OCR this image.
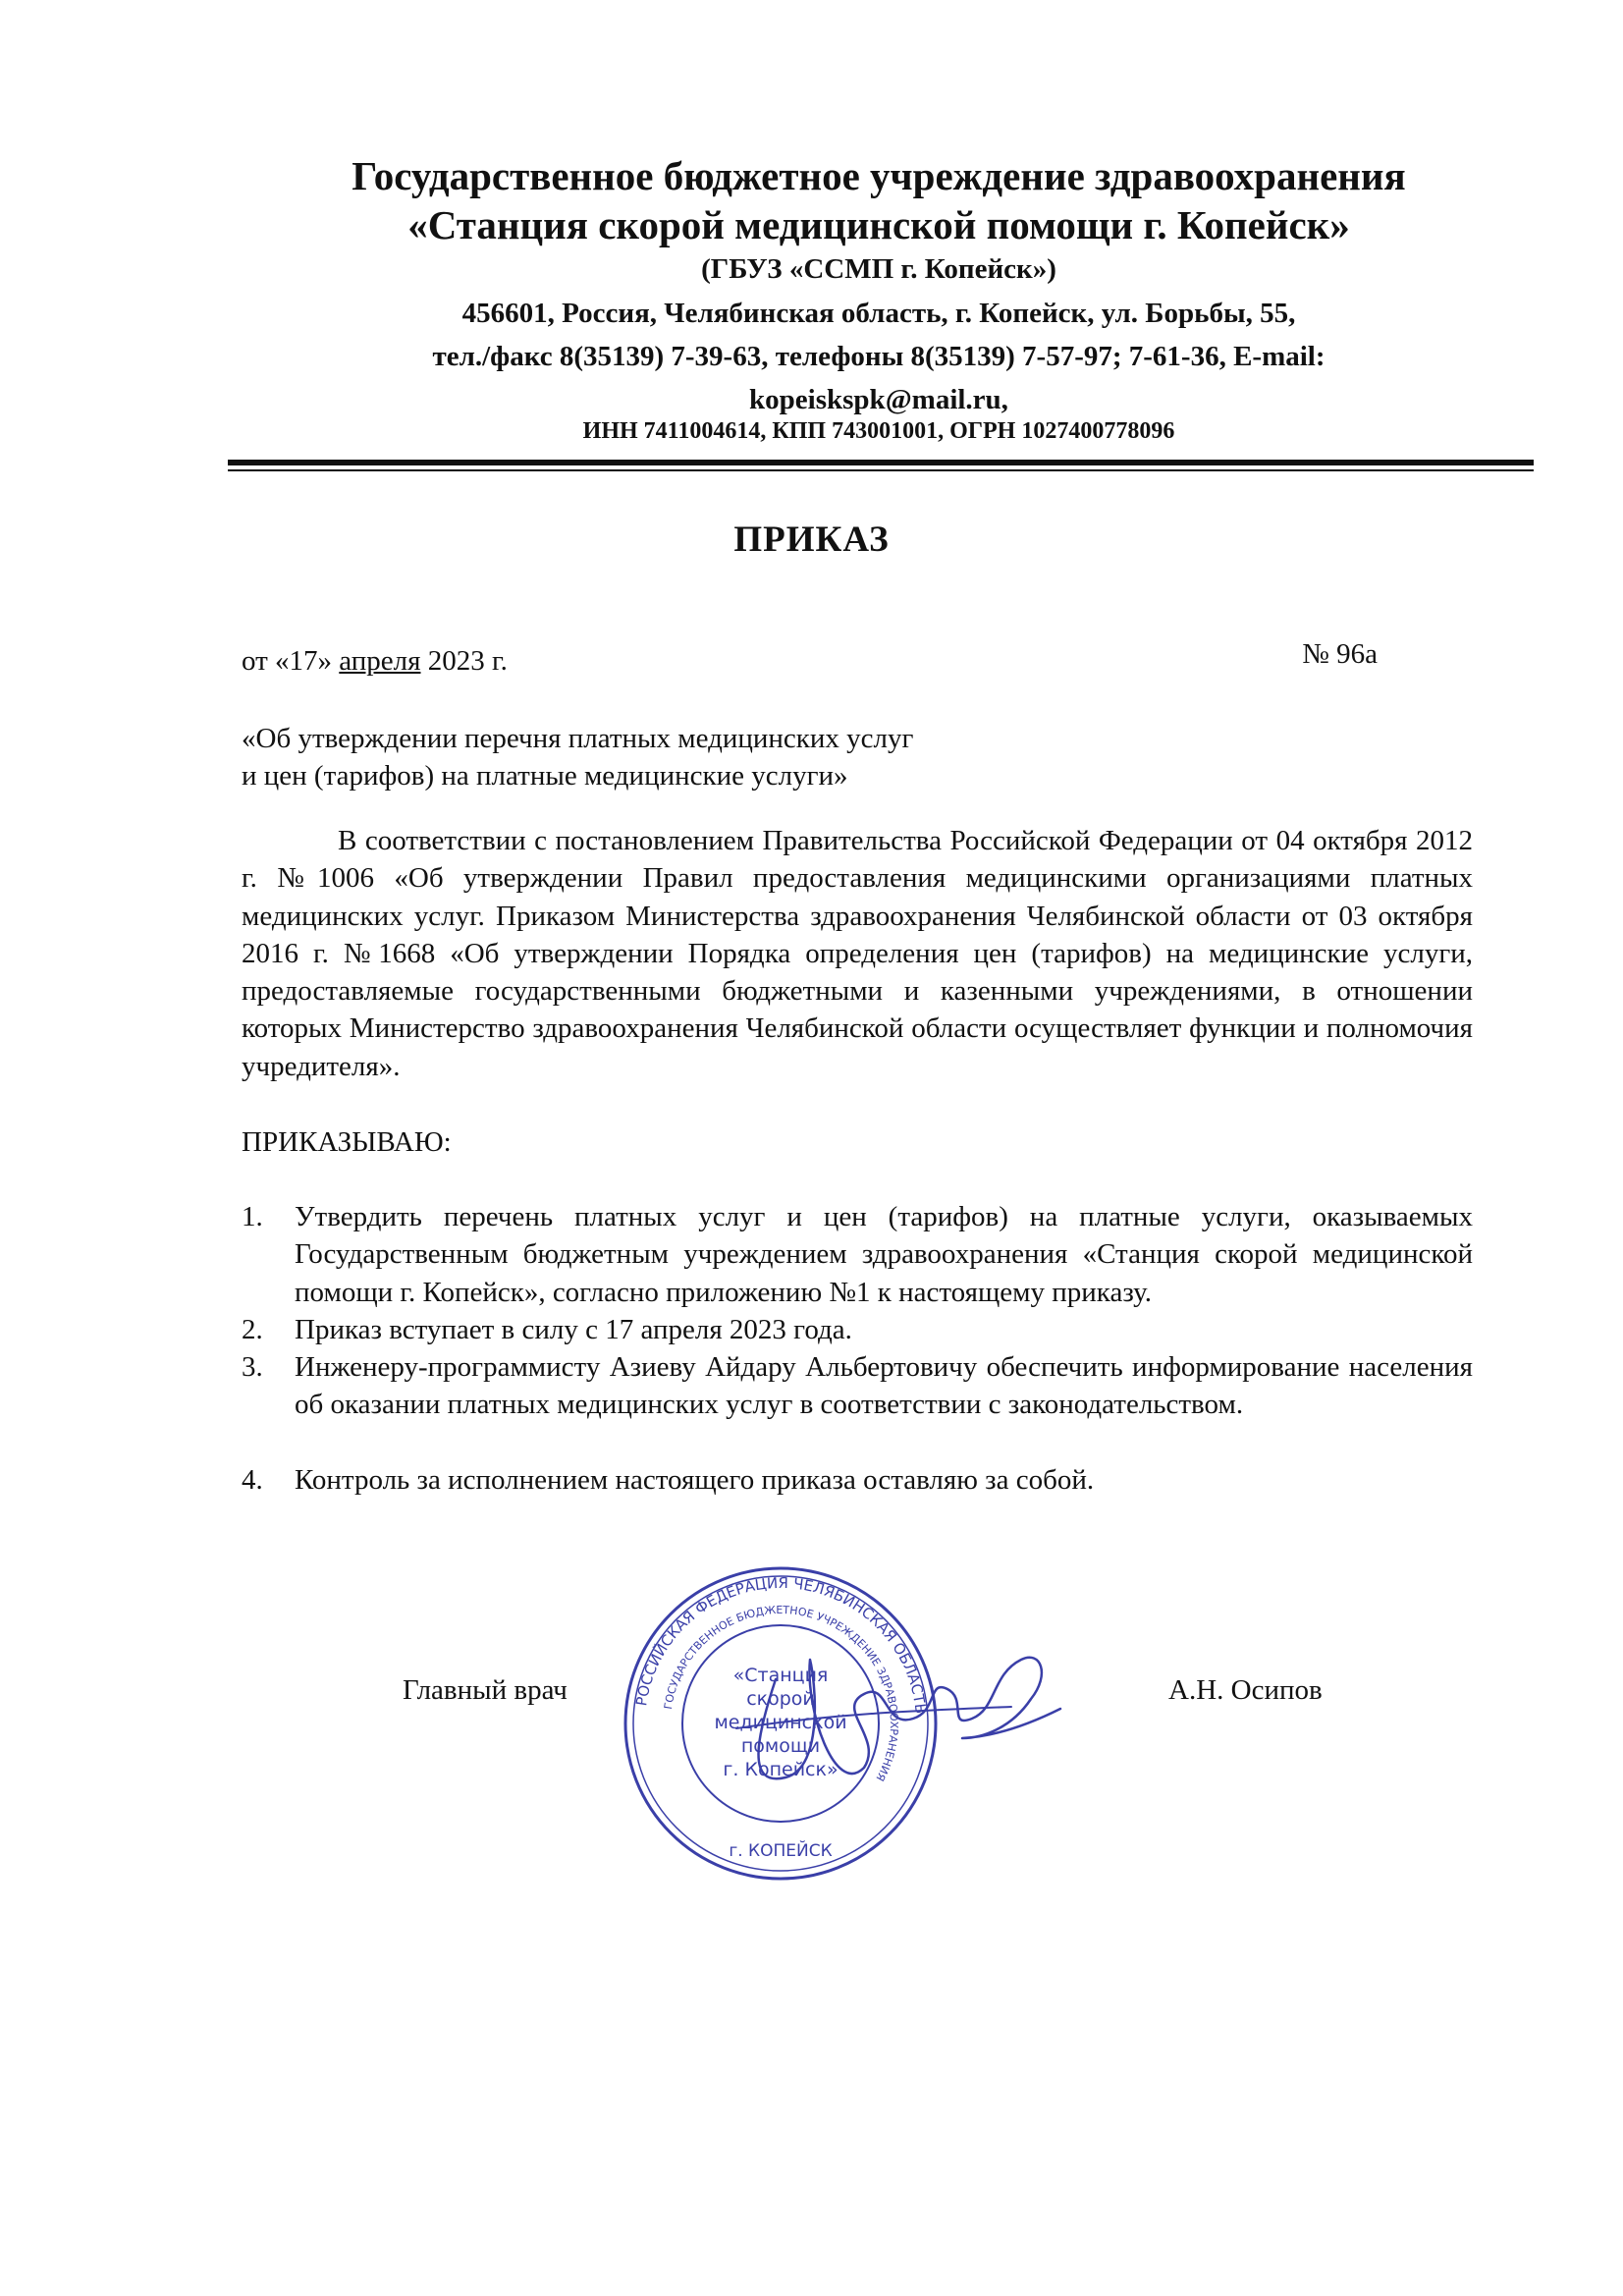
Государственное бюджетное учреждение здравоохранения
«Станция скорой медицинской помощи г. Копейск»
(ГБУЗ «ССМП г. Копейск»)
456601, Россия, Челябинская область, г. Копейск, ул. Борьбы, 55,
тел./факс 8(35139) 7-39-63, телефоны 8(35139) 7-57-97; 7-61-36, E-mail:
kopeiskspk@mail.ru,
ИНН 7411004614, КПП 743001001, ОГРН 1027400778096
ПРИКАЗ
от «17» апреля 2023 г.	№ 96а
«Об утверждении перечня платных медицинских услуг
и цен (тарифов) на платные медицинские услуги»
В соответствии с постановлением Правительства Российской Федерации от 04 октября 2012 г. №1006 «Об утверждении Правил предоставления медицинскими организациями платных медицинских услуг. Приказом Министерства здравоохранения Челябинской области от 03 октября 2016 г. №1668 «Об утверждении Порядка определения цен (тарифов) на медицинские услуги, предоставляемые государственными бюджетными и казенными учреждениями, в отношении которых Министерство здравоохранения Челябинской области осуществляет функции и полномочия учредителя».
ПРИКАЗЫВАЮ:
1. Утвердить перечень платных услуг и цен (тарифов) на платные услуги, оказываемых Государственным бюджетным учреждением здравоохранения «Станция скорой медицинской помощи г. Копейск», согласно приложению №1 к настоящему приказу.
2. Приказ вступает в силу с 17 апреля 2023 года.
3. Инженеру-программисту Азиеву Айдару Альбертовичу обеспечить информирование населения об оказании платных медицинских услуг в соответствии с законодательством.
4. Контроль за исполнением настоящего приказа оставляю за собой.
Главный врач	А.Н. Осипов
РОССИЙСКАЯ ФЕДЕРАЦИЯ ЧЕЛЯБИНСКАЯ ОБЛАСТЬ
ГОСУДАРСТВЕННОЕ БЮДЖЕТНОЕ УЧРЕЖДЕНИЕ ЗДРАВООХРАНЕНИЯ
«Станция
скорой
медицинской
помощи
г. Копейск»
г. КОПЕЙСК
